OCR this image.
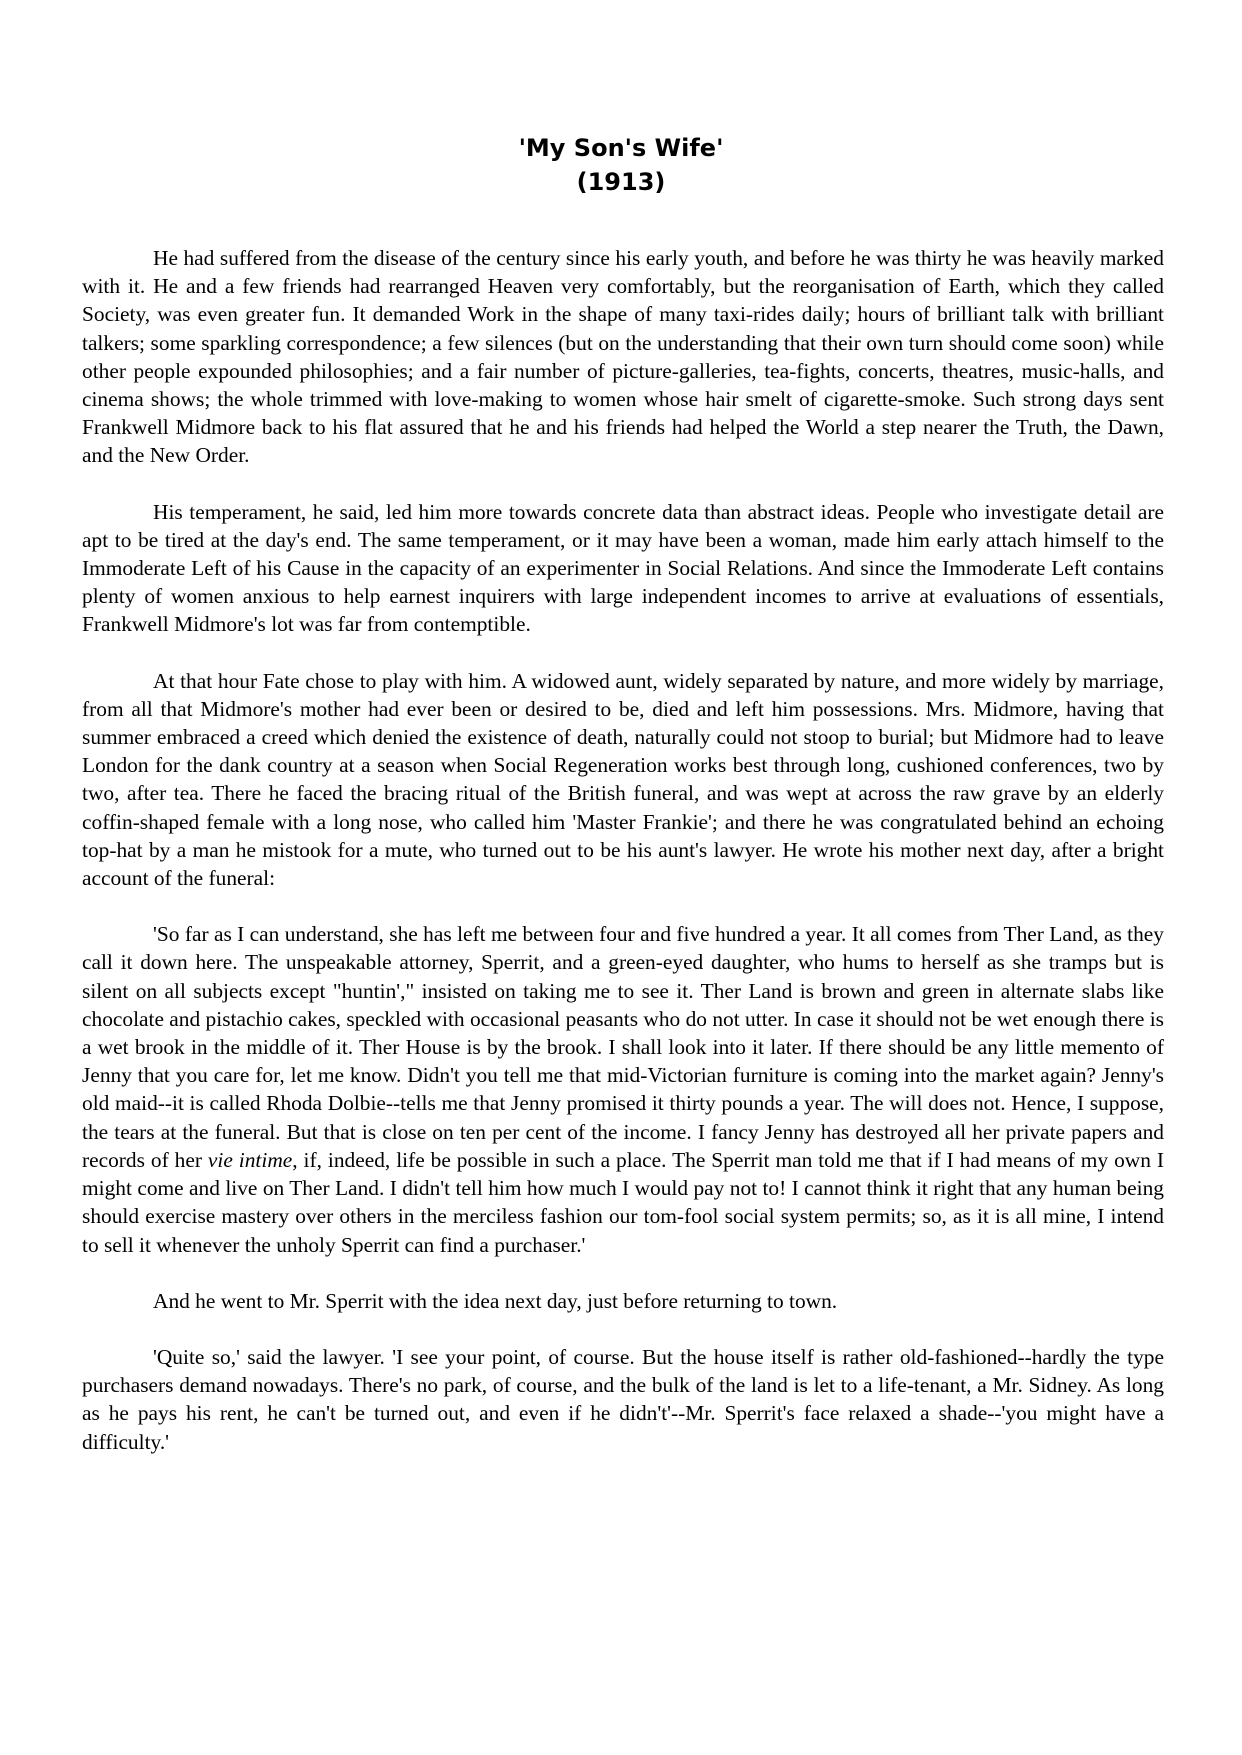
'My Son's Wife'
(1913)

He had suffered from the disease of the century since his early youth, and before he was thirty he was heavily marked with it. He and a few friends had rearranged Heaven very comfortably, but the reorganisation of Earth, which they called Society, was even greater fun. It demanded Work in the shape of many taxi-rides daily; hours of brilliant talk with brilliant talkers; some sparkling correspondence; a few silences (but on the understanding that their own turn should come soon) while other people expounded philosophies; and a fair number of picture-galleries, tea-fights, concerts, theatres, music-halls, and cinema shows; the whole trimmed with love-making to women whose hair smelt of cigarette-smoke. Such strong days sent Frankwell Midmore back to his flat assured that he and his friends had helped the World a step nearer the Truth, the Dawn, and the New Order.

His temperament, he said, led him more towards concrete data than abstract ideas. People who investigate detail are apt to be tired at the day's end. The same temperament, or it may have been a woman, made him early attach himself to the Immoderate Left of his Cause in the capacity of an experimenter in Social Relations. And since the Immoderate Left contains plenty of women anxious to help earnest inquirers with large independent incomes to arrive at evaluations of essentials, Frankwell Midmore's lot was far from contemptible.

At that hour Fate chose to play with him. A widowed aunt, widely separated by nature, and more widely by marriage, from all that Midmore's mother had ever been or desired to be, died and left him possessions. Mrs. Midmore, having that summer embraced a creed which denied the existence of death, naturally could not stoop to burial; but Midmore had to leave London for the dank country at a season when Social Regeneration works best through long, cushioned conferences, two by two, after tea. There he faced the bracing ritual of the British funeral, and was wept at across the raw grave by an elderly coffin-shaped female with a long nose, who called him 'Master Frankie'; and there he was congratulated behind an echoing top-hat by a man he mistook for a mute, who turned out to be his aunt's lawyer. He wrote his mother next day, after a bright account of the funeral:

'So far as I can understand, she has left me between four and five hundred a year. It all comes from Ther Land, as they call it down here. The unspeakable attorney, Sperrit, and a green-eyed daughter, who hums to herself as she tramps but is silent on all subjects except "huntin'," insisted on taking me to see it. Ther Land is brown and green in alternate slabs like chocolate and pistachio cakes, speckled with occasional peasants who do not utter. In case it should not be wet enough there is a wet brook in the middle of it. Ther House is by the brook. I shall look into it later. If there should be any little memento of Jenny that you care for, let me know. Didn't you tell me that mid-Victorian furniture is coming into the market again? Jenny's old maid--it is called Rhoda Dolbie--tells me that Jenny promised it thirty pounds a year. The will does not. Hence, I suppose, the tears at the funeral. But that is close on ten per cent of the income. I fancy Jenny has destroyed all her private papers and records of her vie intime, if, indeed, life be possible in such a place. The Sperrit man told me that if I had means of my own I might come and live on Ther Land. I didn't tell him how much I would pay not to! I cannot think it right that any human being should exercise mastery over others in the merciless fashion our tom-fool social system permits; so, as it is all mine, I intend to sell it whenever the unholy Sperrit can find a purchaser.'

And he went to Mr. Sperrit with the idea next day, just before returning to town.

'Quite so,' said the lawyer. 'I see your point, of course. But the house itself is rather old-fashioned--hardly the type purchasers demand nowadays. There's no park, of course, and the bulk of the land is let to a life-tenant, a Mr. Sidney. As long as he pays his rent, he can't be turned out, and even if he didn't'--Mr. Sperrit's face relaxed a shade--'you might have a difficulty.'
